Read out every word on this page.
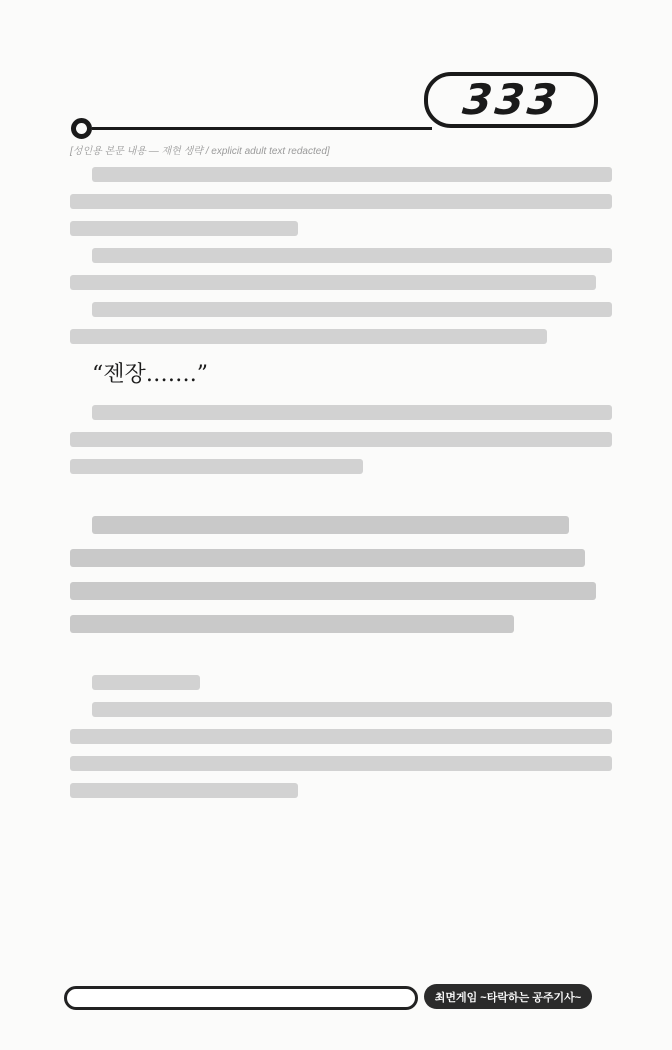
333
[성인용 본문 내용 — 재현 생략 / explicit adult text redacted]

“젠장…….”

최면게임 ~타락하는 공주기사~
